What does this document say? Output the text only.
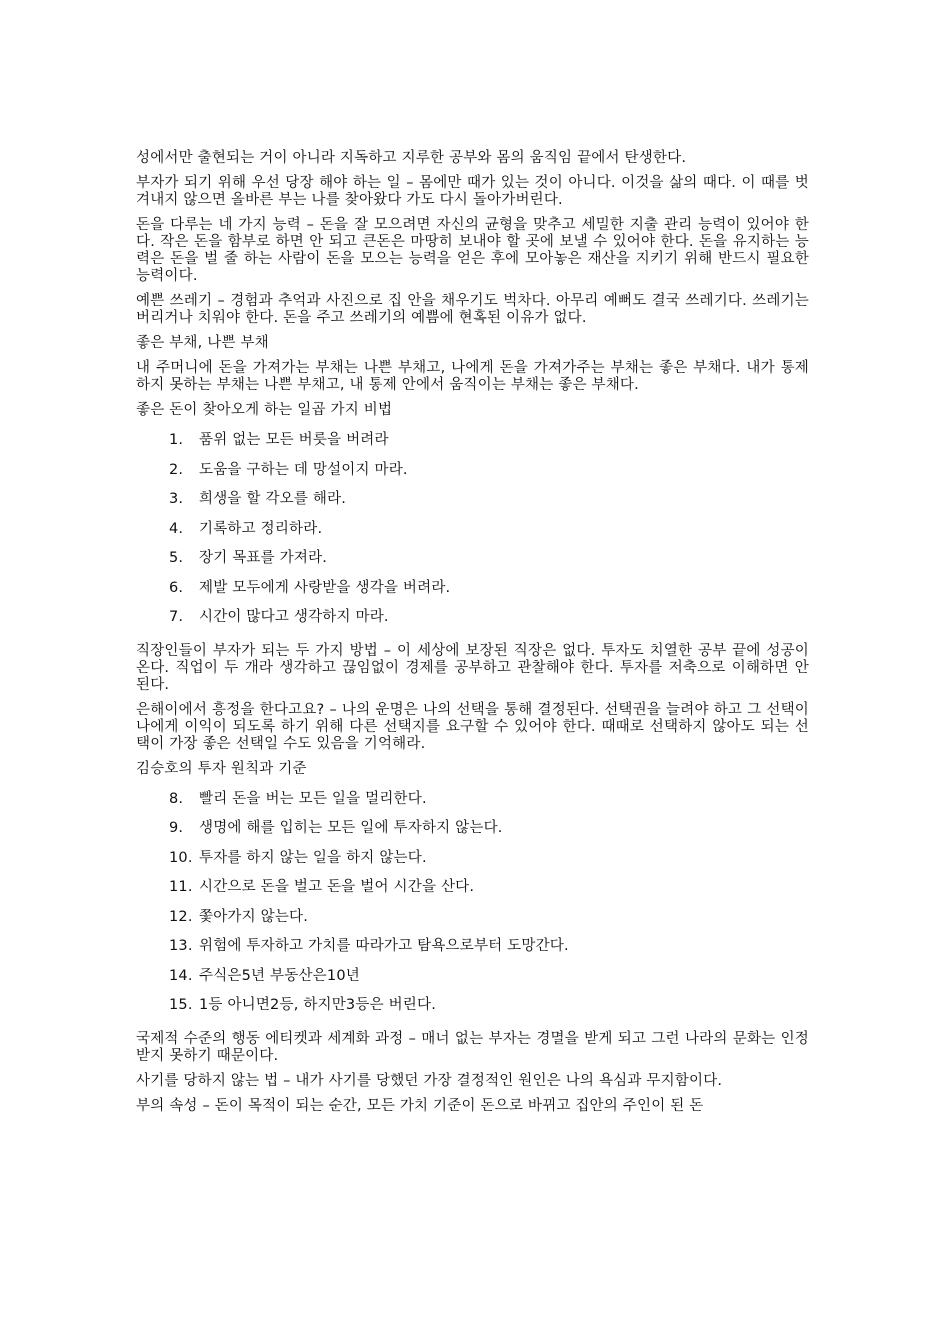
성에서만 출현되는 거이 아니라 지독하고 지루한 공부와 몸의 움직임 끝에서 탄생한다.

부자가 되기 위해 우선 당장 해야 하는 일 – 몸에만 때가 있는 것이 아니다. 이것을 삶의 때다. 이 때를 벗겨내지 않으면 올바른 부는 나를 찾아왔다 가도 다시 돌아가버린다.

돈을 다루는 네 가지 능력 – 돈을 잘 모으려면 자신의 균형을 맞추고 세밀한 지출 관리 능력이 있어야 한다. 작은 돈을 함부로 하면 안 되고 큰돈은 마땅히 보내야 할 곳에 보낼 수 있어야 한다. 돈을 유지하는 능력은 돈을 벌 줄 하는 사람이 돈을 모으는 능력을 얻은 후에 모아놓은 재산을 지키기 위해 반드시 필요한 능력이다.

예쁜 쓰레기 – 경험과 추억과 사진으로 집 안을 채우기도 벅차다. 아무리 예뻐도 결국 쓰레기다. 쓰레기는 버리거나 치워야 한다. 돈을 주고 쓰레기의 예쁨에 현혹된 이유가 없다.

좋은 부채, 나쁜 부채

내 주머니에 돈을 가져가는 부채는 나쁜 부채고, 나에게 돈을 가져가주는 부채는 좋은 부채다. 내가 통제하지 못하는 부채는 나쁜 부채고, 내 통제 안에서 움직이는 부채는 좋은 부채다.

좋은 돈이 찾아오게 하는 일곱 가지 비법

1. 품위 없는 모든 버릇을 버려라
2. 도움을 구하는 데 망설이지 마라.
3. 희생을 할 각오를 해라.
4. 기록하고 정리하라.
5. 장기 목표를 가져라.
6. 제발 모두에게 사랑받을 생각을 버려라.
7. 시간이 많다고 생각하지 마라.

직장인들이 부자가 되는 두 가지 방법 – 이 세상에 보장된 직장은 없다. 투자도 치열한 공부 끝에 성공이 온다. 직업이 두 개라 생각하고 끊임없이 경제를 공부하고 관찰해야 한다. 투자를 저축으로 이해하면 안 된다.

은해이에서 흥정을 한다고요? – 나의 운명은 나의 선택을 통해 결정된다. 선택권을 늘려야 하고 그 선택이 나에게 이익이 되도록 하기 위해 다른 선택지를 요구할 수 있어야 한다. 때때로 선택하지 않아도 되는 선택이 가장 좋은 선택일 수도 있음을 기억해라.

김승호의 투자 원칙과 기준

8. 빨리 돈을 버는 모든 일을 멀리한다.
9. 생명에 해를 입히는 모든 일에 투자하지 않는다.
10. 투자를 하지 않는 일을 하지 않는다.
11. 시간으로 돈을 벌고 돈을 벌어 시간을 산다.
12. 쫓아가지 않는다.
13. 위험에 투자하고 가치를 따라가고 탐욕으로부터 도망간다.
14. 주식은5년 부동산은10년
15. 1등 아니면2등, 하지만3등은 버린다.

국제적 수준의 행동 에티켓과 세계화 과정 – 매너 없는 부자는 경멸을 받게 되고 그런 나라의 문화는 인정받지 못하기 때문이다.

사기를 당하지 않는 법 – 내가 사기를 당했던 가장 결정적인 원인은 나의 욕심과 무지함이다.

부의 속성 – 돈이 목적이 되는 순간, 모든 가치 기준이 돈으로 바뀌고 집안의 주인이 된 돈
